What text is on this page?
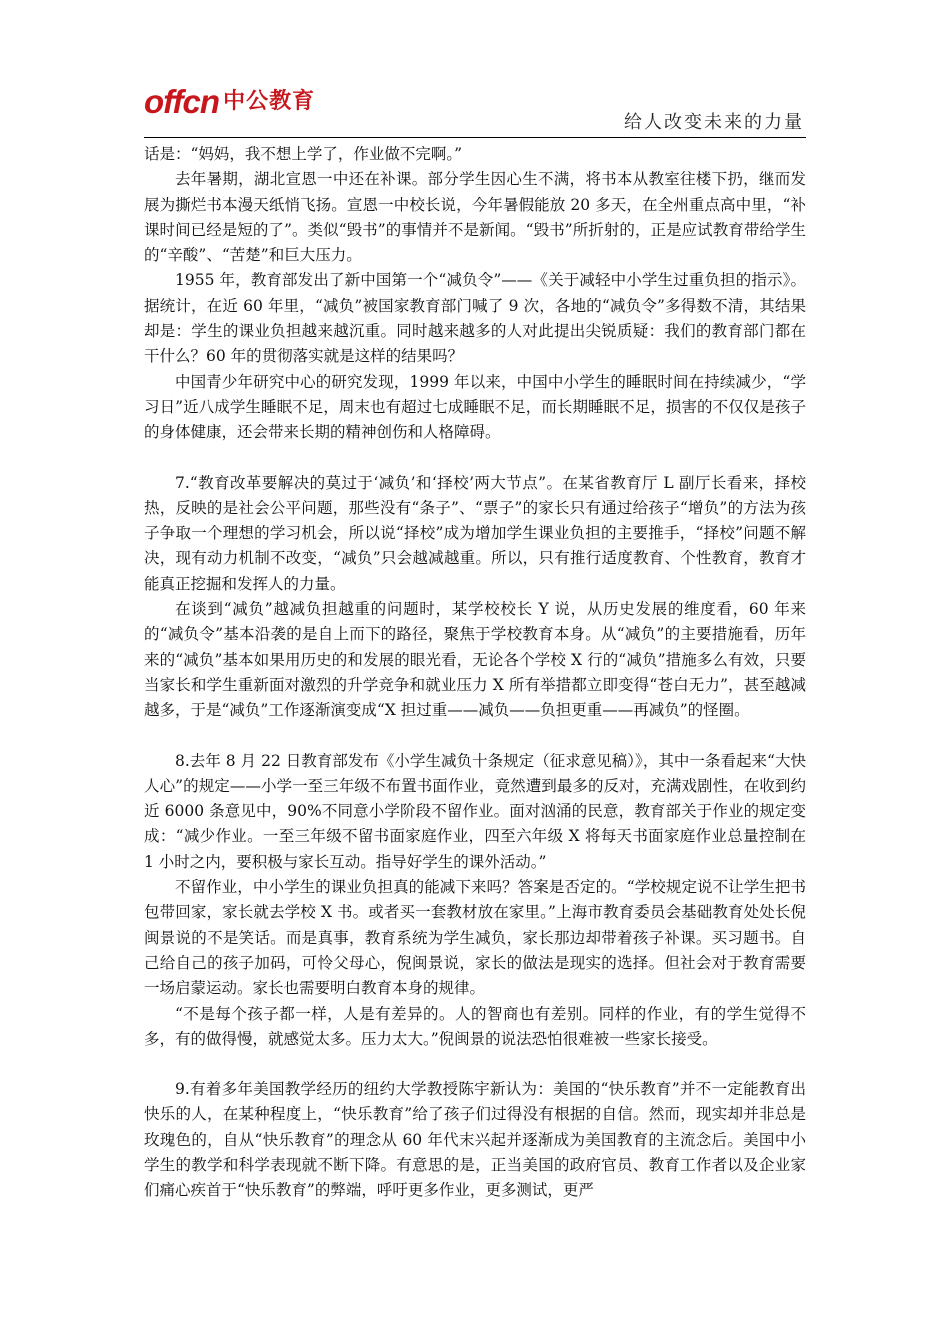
offcn 中公教育
给人改变未来的力量

话是：“妈妈，我不想上学了，作业做不完啊。”

去年暑期，湖北宣恩一中还在补课。部分学生因心生不满，将书本从教室往楼下扔，继而发展为撕烂书本漫天纸悄飞扬。宣恩一中校长说，今年暑假能放 20 多天，在全州重点高中里，“补课时间已经是短的了”。类似“毁书”的事情并不是新闻。“毁书”所折射的，正是应试教育带给学生的“辛酸”、“苦楚”和巨大压力。

1955 年，教育部发出了新中国第一个“减负令”——《关于减轻中小学生过重负担的指示》。据统计，在近 60 年里，“减负”被国家教育部门喊了 9 次，各地的“减负令”多得数不清，其结果却是：学生的课业负担越来越沉重。同时越来越多的人对此提出尖锐质疑：我们的教育部门都在干什么？60 年的贯彻落实就是这样的结果吗？

中国青少年研究中心的研究发现，1999 年以来，中国中小学生的睡眠时间在持续减少，“学习日”近八成学生睡眠不足，周末也有超过七成睡眠不足，而长期睡眠不足，损害的不仅仅是孩子的身体健康，还会带来长期的精神创伤和人格障碍。

7.“教育改革要解决的莫过于‘减负’和‘择校’两大节点”。在某省教育厅 L 副厅长看来，择校热，反映的是社会公平问题，那些没有“条子”、“票子”的家长只有通过给孩子“增负”的方法为孩子争取一个理想的学习机会，所以说“择校”成为增加学生课业负担的主要推手，“择校”问题不解决，现有动力机制不改变，“减负”只会越减越重。所以，只有推行适度教育、个性教育，教育才能真正挖掘和发挥人的力量。

在谈到“减负”越减负担越重的问题时，某学校校长 Y 说，从历史发展的维度看，60 年来的“减负令”基本沿袭的是自上而下的路径，聚焦于学校教育本身。从“减负”的主要措施看，历年来的“减负”基本如果用历史的和发展的眼光看，无论各个学校 X 行的“减负”措施多么有效，只要当家长和学生重新面对激烈的升学竞争和就业压力 X 所有举措都立即变得“苍白无力”，甚至越减越多，于是“减负”工作逐渐演变成“X 担过重——减负——负担更重——再减负”的怪圈。

8.去年 8 月 22 日教育部发布《小学生减负十条规定（征求意见稿）》，其中一条看起来“大快人心”的规定——小学一至三年级不布置书面作业，竟然遭到最多的反对，充满戏剧性，在收到约近 6000 条意见中，90%不同意小学阶段不留作业。面对汹涌的民意，教育部关于作业的规定变成：“减少作业。一至三年级不留书面家庭作业，四至六年级 X 将每天书面家庭作业总量控制在 1 小时之内，要积极与家长互动。指导好学生的课外活动。”

不留作业，中小学生的课业负担真的能减下来吗？答案是否定的。“学校规定说不让学生把书包带回家，家长就去学校 X 书。或者买一套教材放在家里。”上海市教育委员会基础教育处处长倪闽景说的不是笑话。而是真事，教育系统为学生减负，家长那边却带着孩子补课。买习题书。自己给自己的孩子加码，可怜父母心，倪闽景说，家长的做法是现实的选择。但社会对于教育需要一场启蒙运动。家长也需要明白教育本身的规律。

“不是每个孩子都一样，人是有差异的。人的智商也有差别。同样的作业，有的学生觉得不多，有的做得慢，就感觉太多。压力太大。”倪闽景的说法恐怕很难被一些家长接受。

9.有着多年美国教学经历的纽约大学教授陈宇新认为：美国的“快乐教育”并不一定能教育出快乐的人，在某种程度上，“快乐教育”给了孩子们过得没有根据的自信。然而，现实却并非总是玫瑰色的，自从“快乐教育”的理念从 60 年代末兴起并逐渐成为美国教育的主流念后。美国中小学生的教学和科学表现就不断下降。有意思的是，正当美国的政府官员、教育工作者以及企业家们痛心疾首于“快乐教育”的弊端，呼吁更多作业，更多测试，更严
